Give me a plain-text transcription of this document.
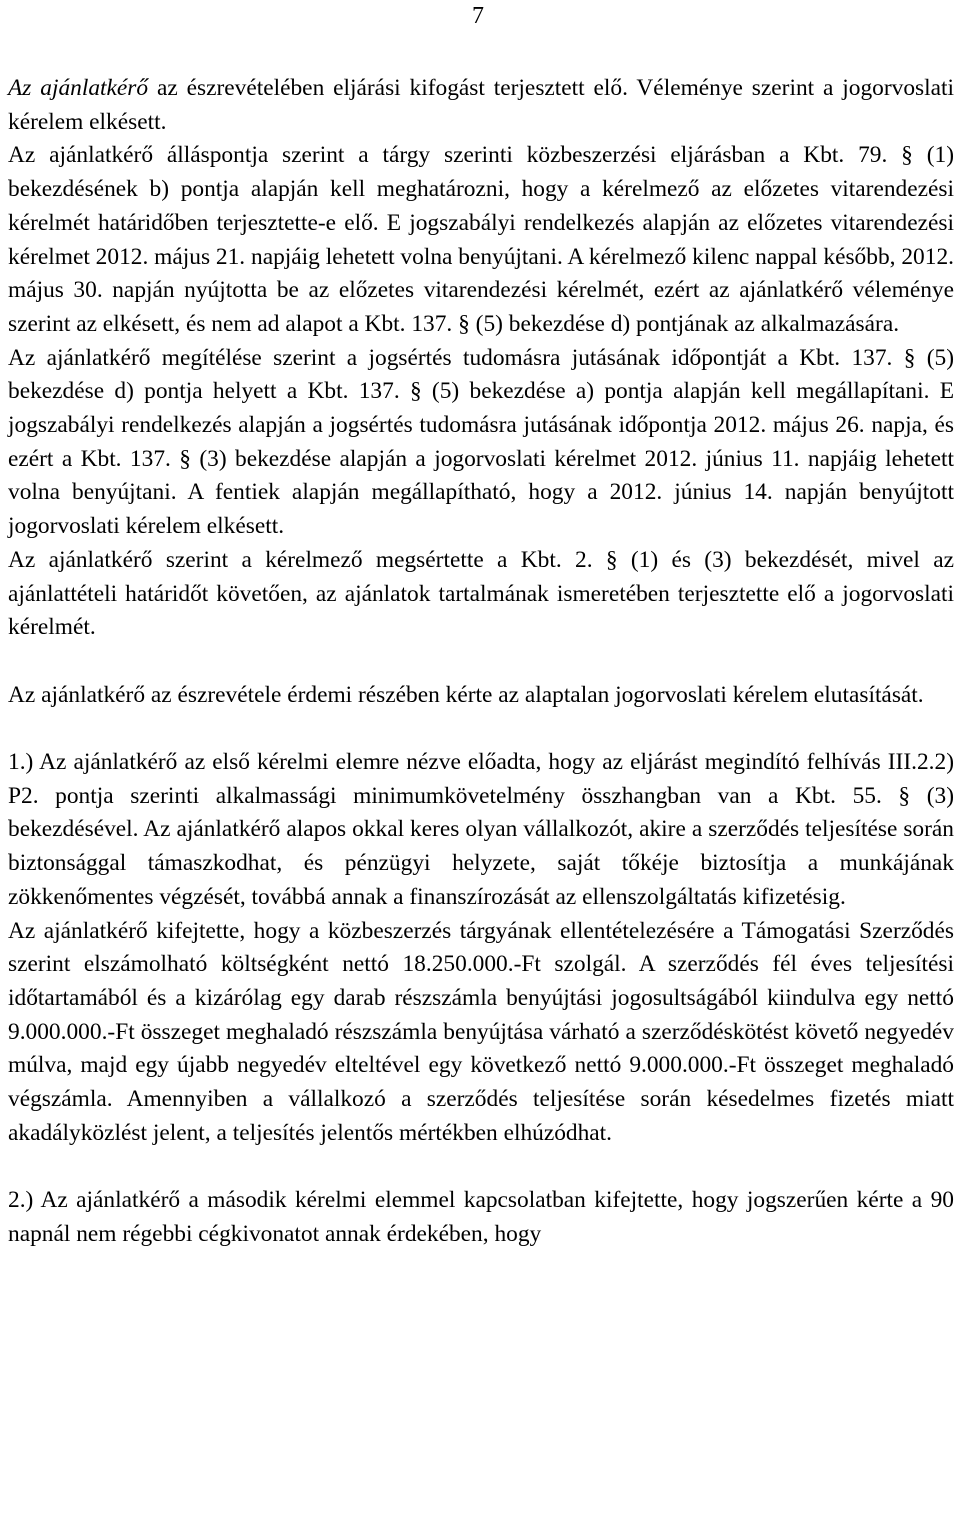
7

Az ajánlatkérő az észrevételében eljárási kifogást terjesztett elő. Véleménye szerint a jogorvoslati kérelem elkésett.

Az ajánlatkérő álláspontja szerint a tárgy szerinti közbeszerzési eljárásban a Kbt. 79. § (1) bekezdésének b) pontja alapján kell meghatározni, hogy a kérelmező az előzetes vitarendezési kérelmét határidőben terjesztette-e elő. E jogszabályi rendelkezés alapján az előzetes vitarendezési kérelmet 2012. május 21. napjáig lehetett volna benyújtani. A kérelmező kilenc nappal később, 2012. május 30. napján nyújtotta be az előzetes vitarendezési kérelmét, ezért az ajánlatkérő véleménye szerint az elkésett, és nem ad alapot a Kbt. 137. § (5) bekezdése d) pontjának az alkalmazására.

Az ajánlatkérő megítélése szerint a jogsértés tudomásra jutásának időpontját a Kbt. 137. § (5) bekezdése d) pontja helyett a Kbt. 137. § (5) bekezdése a) pontja alapján kell megállapítani. E jogszabályi rendelkezés alapján a jogsértés tudomásra jutásának időpontja 2012. május 26. napja, és ezért a Kbt. 137. § (3) bekezdése alapján a jogorvoslati kérelmet 2012. június 11. napjáig lehetett volna benyújtani. A fentiek alapján megállapítható, hogy a 2012. június 14. napján benyújtott jogorvoslati kérelem elkésett.

Az ajánlatkérő szerint a kérelmező megsértette a Kbt. 2. § (1) és (3) bekezdését, mivel az ajánlattételi határidőt követően, az ajánlatok tartalmának ismeretében terjesztette elő a jogorvoslati kérelmét.

Az ajánlatkérő az észrevétele érdemi részében kérte az alaptalan jogorvoslati kérelem elutasítását.

1.) Az ajánlatkérő az első kérelmi elemre nézve előadta, hogy az eljárást megindító felhívás III.2.2) P2. pontja szerinti alkalmassági minimumkövetelmény összhangban van a Kbt. 55. § (3) bekezdésével. Az ajánlatkérő alapos okkal keres olyan vállalkozót, akire a szerződés teljesítése során biztonsággal támaszkodhat, és pénzügyi helyzete, saját tőkéje biztosítja a munkájának zökkenőmentes végzését, továbbá annak a finanszírozását az ellenszolgáltatás kifizetésig.

Az ajánlatkérő kifejtette, hogy a közbeszerzés tárgyának ellentételezésére a Támogatási Szerződés szerint elszámolható költségként nettó 18.250.000.-Ft szolgál. A szerződés fél éves teljesítési időtartamából és a kizárólag egy darab részszámla benyújtási jogosultságából kiindulva egy nettó 9.000.000.-Ft összeget meghaladó részszámla benyújtása várható a szerződéskötést követő negyedév múlva, majd egy újabb negyedév elteltével egy következő nettó 9.000.000.-Ft összeget meghaladó végszámla. Amennyiben a vállalkozó a szerződés teljesítése során késedelmes fizetés miatt akadályközlést jelent, a teljesítés jelentős mértékben elhúzódhat.

2.) Az ajánlatkérő a második kérelmi elemmel kapcsolatban kifejtette, hogy jogszerűen kérte a 90 napnál nem régebbi cégkivonatot annak érdekében, hogy
